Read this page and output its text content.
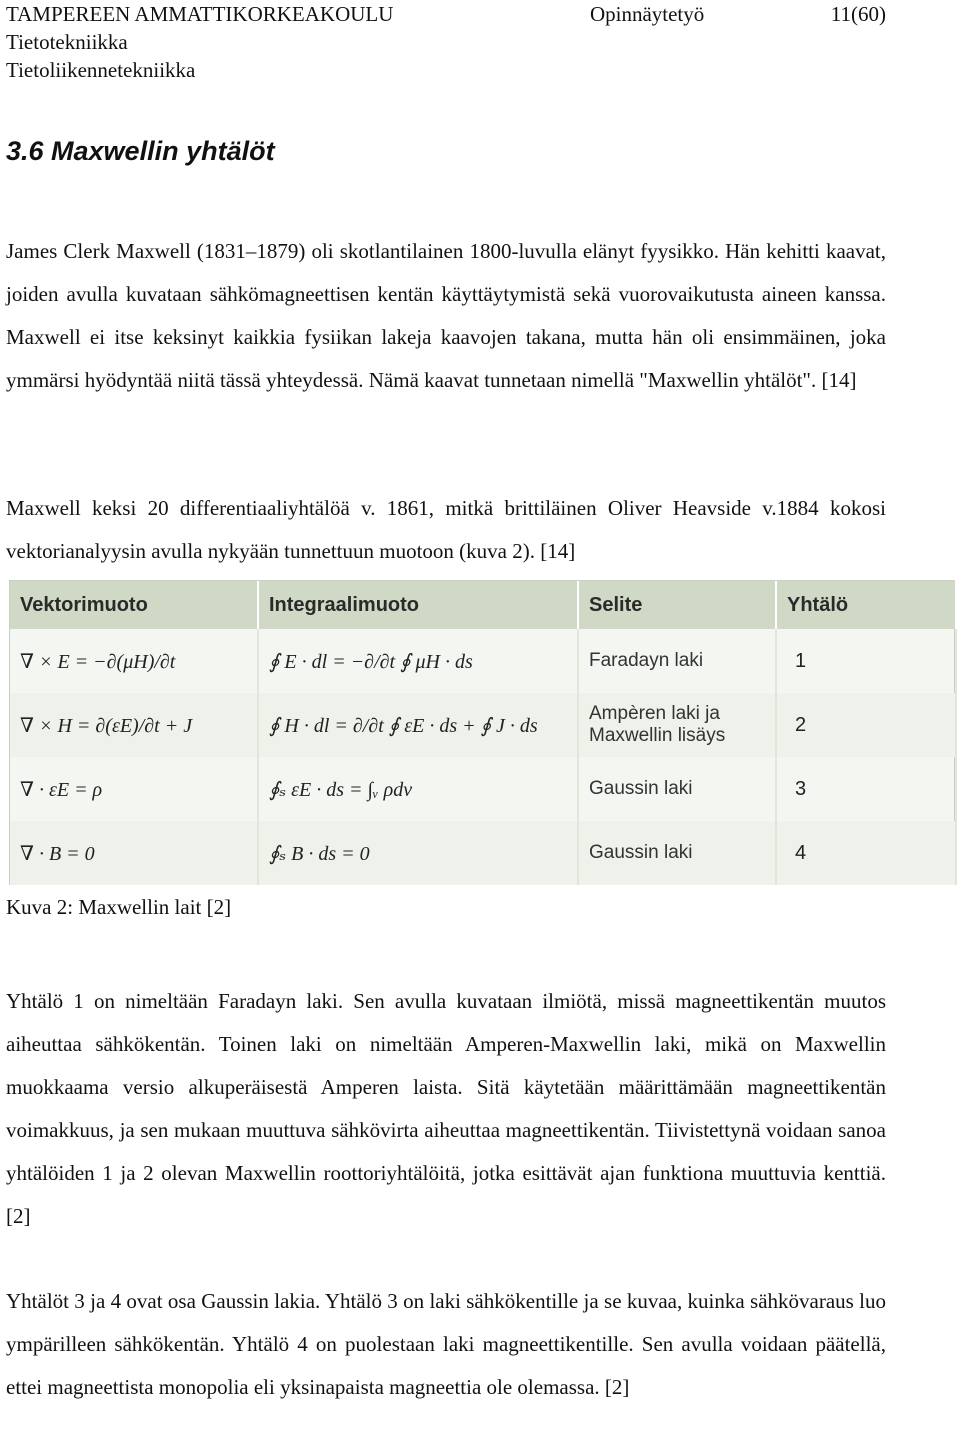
TAMPEREEN AMMATTIKORKEAKOULU	Opinnäytetyö	11(60)
Tietotekniikka
Tietoliikennetekniikka
3.6 Maxwellin yhtälöt

James Clerk Maxwell (1831–1879) oli skotlantilainen 1800-luvulla elänyt fyysikko. Hän kehitti kaavat, joiden avulla kuvataan sähkömagneettisen kentän käyttäytymistä sekä vuorovaikutusta aineen kanssa. Maxwell ei itse keksinyt kaikkia fysiikan lakeja kaavojen takana, mutta hän oli ensimmäinen, joka ymmärsi hyödyntää niitä tässä yhteydessä. Nämä kaavat tunnetaan nimellä "Maxwellin yhtälöt". [14]

Maxwell keksi 20 differentiaaliyhtälöä v. 1861, mitkä brittiläinen Oliver Heavside v.1884 kokosi vektorianalyysin avulla nykyään tunnettuun muotoon (kuva 2). [14]

Vektorimuoto	Integraalimuoto	Selite	Yhtälö
∇ × E = −∂(μH)/∂t	∮ E · dl = −∂/∂t ∮ μH · ds	Faradayn laki	1
∇ × H = ∂(εE)/∂t + J	∮ H · dl = ∂/∂t ∮ εE · ds + ∮ J · ds	Ampèren laki ja Maxwellin lisäys	2
∇ · εE = ρ	∮ₛ εE · ds = ∫ᵥ ρdv	Gaussin laki	3
∇ · B = 0	∮ₛ B · ds = 0	Gaussin laki	4

Kuva 2: Maxwellin lait [2]

Yhtälö 1 on nimeltään Faradayn laki. Sen avulla kuvataan ilmiötä, missä magneettikentän muutos aiheuttaa sähkökentän. Toinen laki on nimeltään Amperen-Maxwellin laki, mikä on Maxwellin muokkaama versio alkuperäisestä Amperen laista. Sitä käytetään määrittämään magneettikentän voimakkuus, ja sen mukaan muuttuva sähkövirta aiheuttaa magneettikentän. Tiivistettynä voidaan sanoa yhtälöiden 1 ja 2 olevan Maxwellin roottoriyhtälöitä, jotka esittävät ajan funktiona muuttuvia kenttiä. [2]

Yhtälöt 3 ja 4 ovat osa Gaussin lakia. Yhtälö 3 on laki sähkökentille ja se kuvaa, kuinka sähkövaraus luo ympärilleen sähkökentän. Yhtälö 4 on puolestaan laki magneettikentille. Sen avulla voidaan päätellä, ettei magneettista monopolia eli yksinapaista magneettia ole olemassa. [2]
